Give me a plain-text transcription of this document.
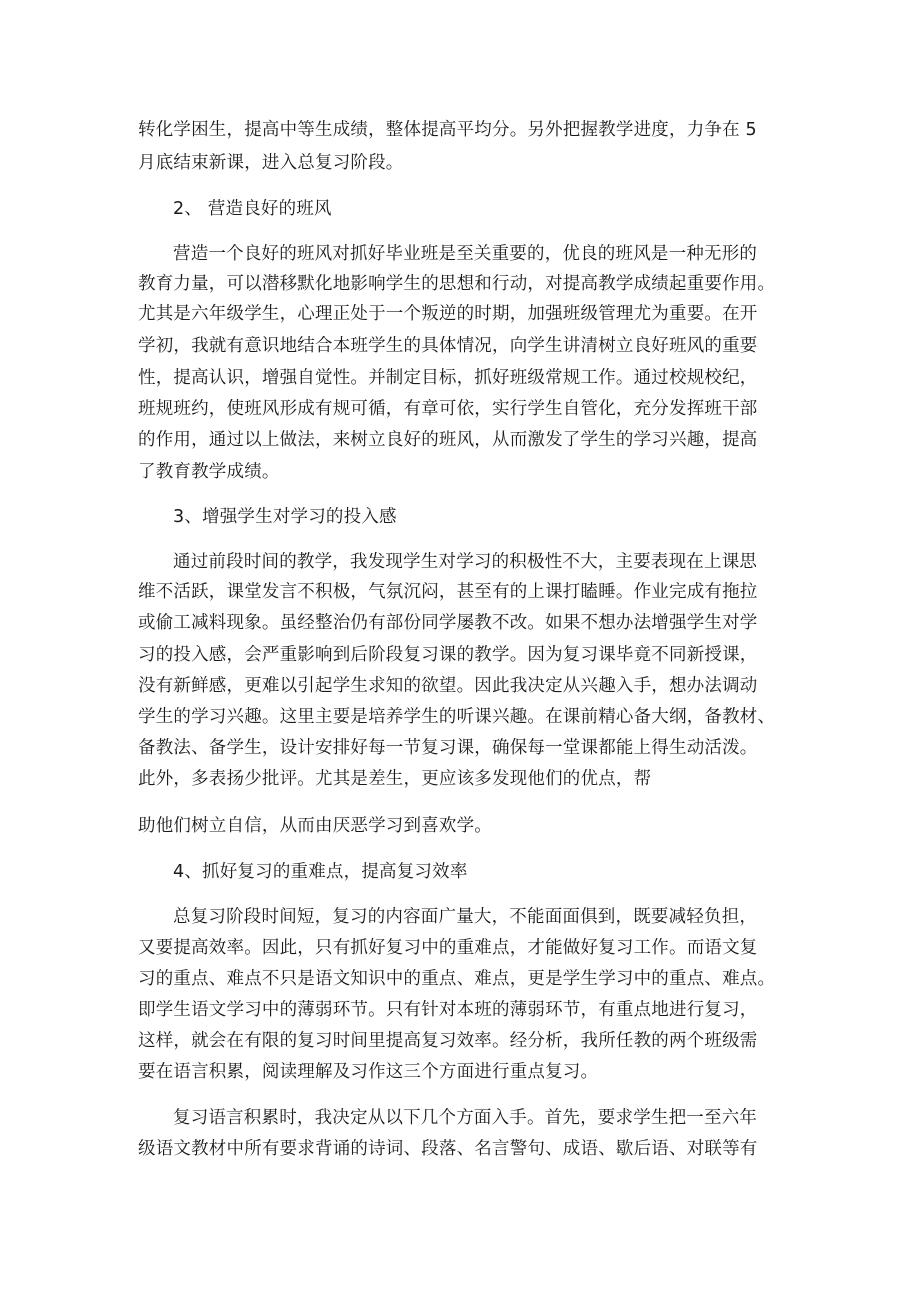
转化学困生，提高中等生成绩，整体提高平均分。另外把握教学进度，力争在 5
月底结束新课，进入总复习阶段。
2、 营造良好的班风
营造一个良好的班风对抓好毕业班是至关重要的，优良的班风是一种无形的
教育力量，可以潜移默化地影响学生的思想和行动，对提高教学成绩起重要作用。
尤其是六年级学生，心理正处于一个叛逆的时期，加强班级管理尤为重要。在开
学初，我就有意识地结合本班学生的具体情况，向学生讲清树立良好班风的重要
性，提高认识，增强自觉性。并制定目标，抓好班级常规工作。通过校规校纪，
班规班约，使班风形成有规可循，有章可依，实行学生自管化，充分发挥班干部
的作用，通过以上做法，来树立良好的班风，从而激发了学生的学习兴趣，提高
了教育教学成绩。
3、增强学生对学习的投入感
通过前段时间的教学，我发现学生对学习的积极性不大，主要表现在上课思
维不活跃，课堂发言不积极，气氛沉闷，甚至有的上课打瞌睡。作业完成有拖拉
或偷工减料现象。虽经整治仍有部份同学屡教不改。如果不想办法增强学生对学
习的投入感，会严重影响到后阶段复习课的教学。因为复习课毕竟不同新授课，
没有新鲜感，更难以引起学生求知的欲望。因此我决定从兴趣入手，想办法调动
学生的学习兴趣。这里主要是培养学生的听课兴趣。在课前精心备大纲，备教材、
备教法、备学生，设计安排好每一节复习课，确保每一堂课都能上得生动活泼。
此外，多表扬少批评。尤其是差生，更应该多发现他们的优点，帮
助他们树立自信，从而由厌恶学习到喜欢学。
4、抓好复习的重难点，提高复习效率
总复习阶段时间短，复习的内容面广量大，不能面面俱到，既要减轻负担，
又要提高效率。因此，只有抓好复习中的重难点，才能做好复习工作。而语文复
习的重点、难点不只是语文知识中的重点、难点，更是学生学习中的重点、难点。
即学生语文学习中的薄弱环节。只有针对本班的薄弱环节，有重点地进行复习，
这样，就会在有限的复习时间里提高复习效率。经分析，我所任教的两个班级需
要在语言积累，阅读理解及习作这三个方面进行重点复习。
复习语言积累时，我决定从以下几个方面入手。首先，要求学生把一至六年
级语文教材中所有要求背诵的诗词、段落、名言警句、成语、歇后语、对联等有
